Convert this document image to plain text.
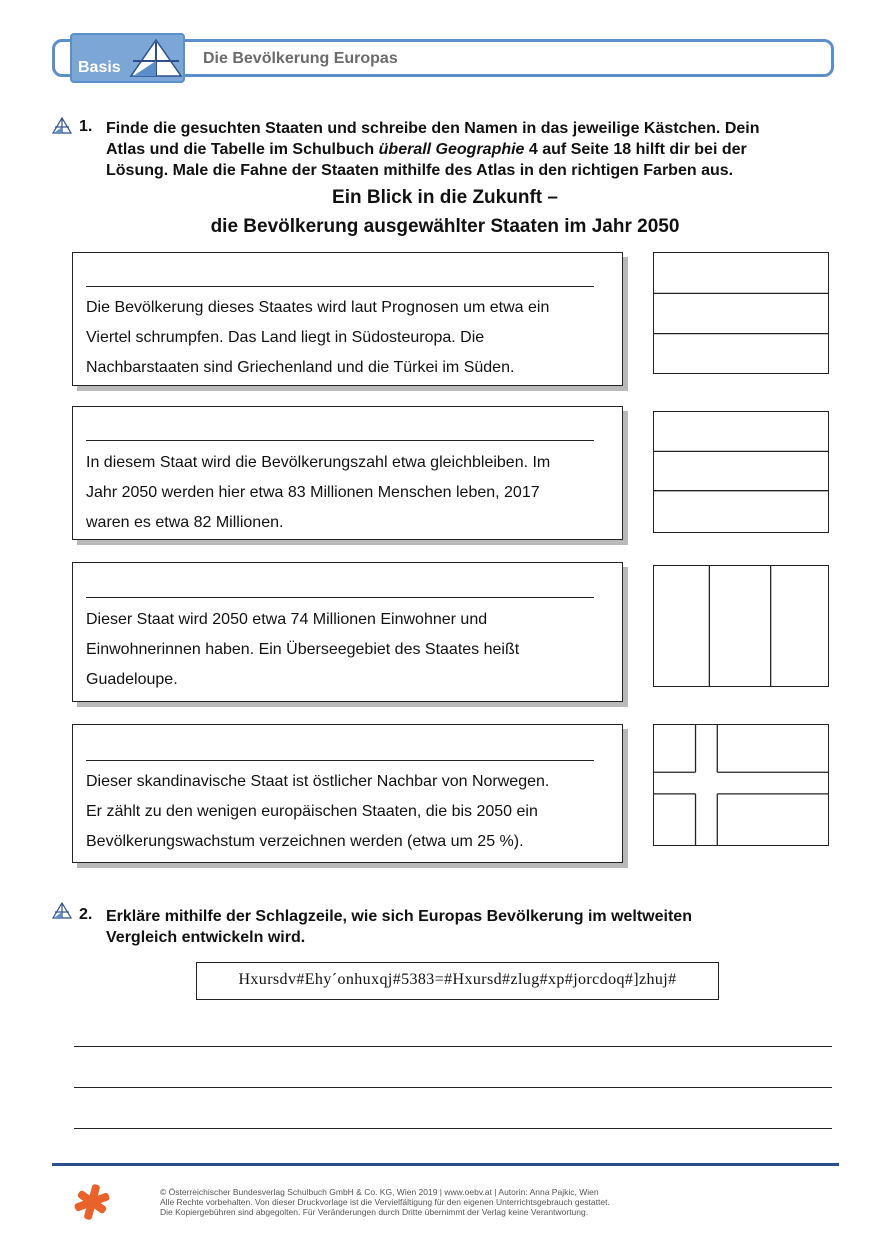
Basis
Die Bevölkerung Europas
1. Finde die gesuchten Staaten und schreibe den Namen in das jeweilige Kästchen. Dein
Atlas und die Tabelle im Schulbuch überall Geographie 4 auf Seite 18 hilft dir bei der
Lösung. Male die Fahne der Staaten mithilfe des Atlas in den richtigen Farben aus.
Ein Blick in die Zukunft –
die Bevölkerung ausgewählter Staaten im Jahr 2050
Die Bevölkerung dieses Staates wird laut Prognosen um etwa ein
Viertel schrumpfen. Das Land liegt in Südosteuropa. Die
Nachbarstaaten sind Griechenland und die Türkei im Süden.
In diesem Staat wird die Bevölkerungszahl etwa gleichbleiben. Im
Jahr 2050 werden hier etwa 83 Millionen Menschen leben, 2017
waren es etwa 82 Millionen.
Dieser Staat wird 2050 etwa 74 Millionen Einwohner und
Einwohnerinnen haben. Ein Überseegebiet des Staates heißt
Guadeloupe.
Dieser skandinavische Staat ist östlicher Nachbar von Norwegen.
Er zählt zu den wenigen europäischen Staaten, die bis 2050 ein
Bevölkerungswachstum verzeichnen werden (etwa um 25 %).
2. Erkläre mithilfe der Schlagzeile, wie sich Europas Bevölkerung im weltweiten
Vergleich entwickeln wird.
Hxursdv#Ehy´onhuxqj#5383=#Hxursd#zlug#xp#jorcdoq#]zhuj#
© Österreichischer Bundesverlag Schulbuch GmbH & Co. KG, Wien 2019 | www.oebv.at | Autorin: Anna Pajkic, Wien
Alle Rechte vorbehalten. Von dieser Druckvorlage ist die Vervielfältigung für den eigenen Unterrichtsgebrauch gestattet.
Die Kopiergebühren sind abgegolten. Für Veränderungen durch Dritte übernimmt der Verlag keine Verantwortung.
